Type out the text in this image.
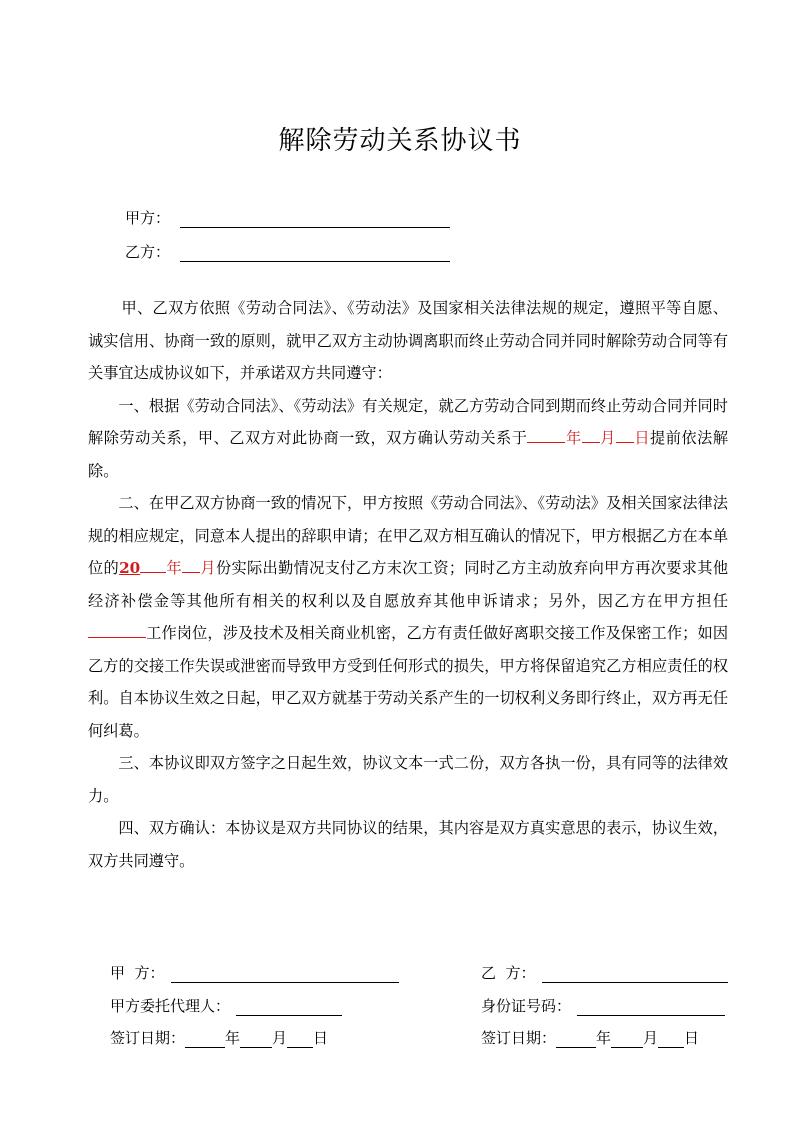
解除劳动关系协议书
甲方：
乙方：

甲、乙双方依照《劳动合同法》、《劳动法》及国家相关法律法规的规定，遵照平等自愿、诚实信用、协商一致的原则，就甲乙双方主动协调离职而终止劳动合同并同时解除劳动合同等有关事宜达成协议如下，并承诺双方共同遵守：

一、根据《劳动合同法》、《劳动法》有关规定，就乙方劳动合同到期而终止劳动合同并同时解除劳动关系，甲、乙双方对此协商一致，双方确认劳动关系于	年 月 日提前依法解除。

二、在甲乙双方协商一致的情况下，甲方按照《劳动合同法》、《劳动法》及相关国家法律法规的相应规定，同意本人提出的辞职申请；在甲乙双方相互确认的情况下，甲方根据乙方在本单位的20 年 月份实际出勤情况支付乙方末次工资；同时乙方主动放弃向甲方再次要求其他经济补偿金等其他所有相关的权利以及自愿放弃其他申诉请求；另外，因乙方在甲方担任工作岗位，涉及技术及相关商业机密，乙方有责任做好离职交接工作及保密工作；如因乙方的交接工作失误或泄密而导致甲方受到任何形式的损失，甲方将保留追究乙方相应责任的权利。自本协议生效之日起，甲乙双方就基于劳动关系产生的一切权利义务即行终止，双方再无任何纠葛。

三、本协议即双方签字之日起生效，协议文本一式二份，双方各执一份，具有同等的法律效力。

四、双方确认：本协议是双方共同协议的结果，其内容是双方真实意思的表示，协议生效，双方共同遵守。

甲  方：
甲方委托代理人：
签订日期：	年 月 日
乙  方：
身份证号码：
签订日期：	年 月 日
